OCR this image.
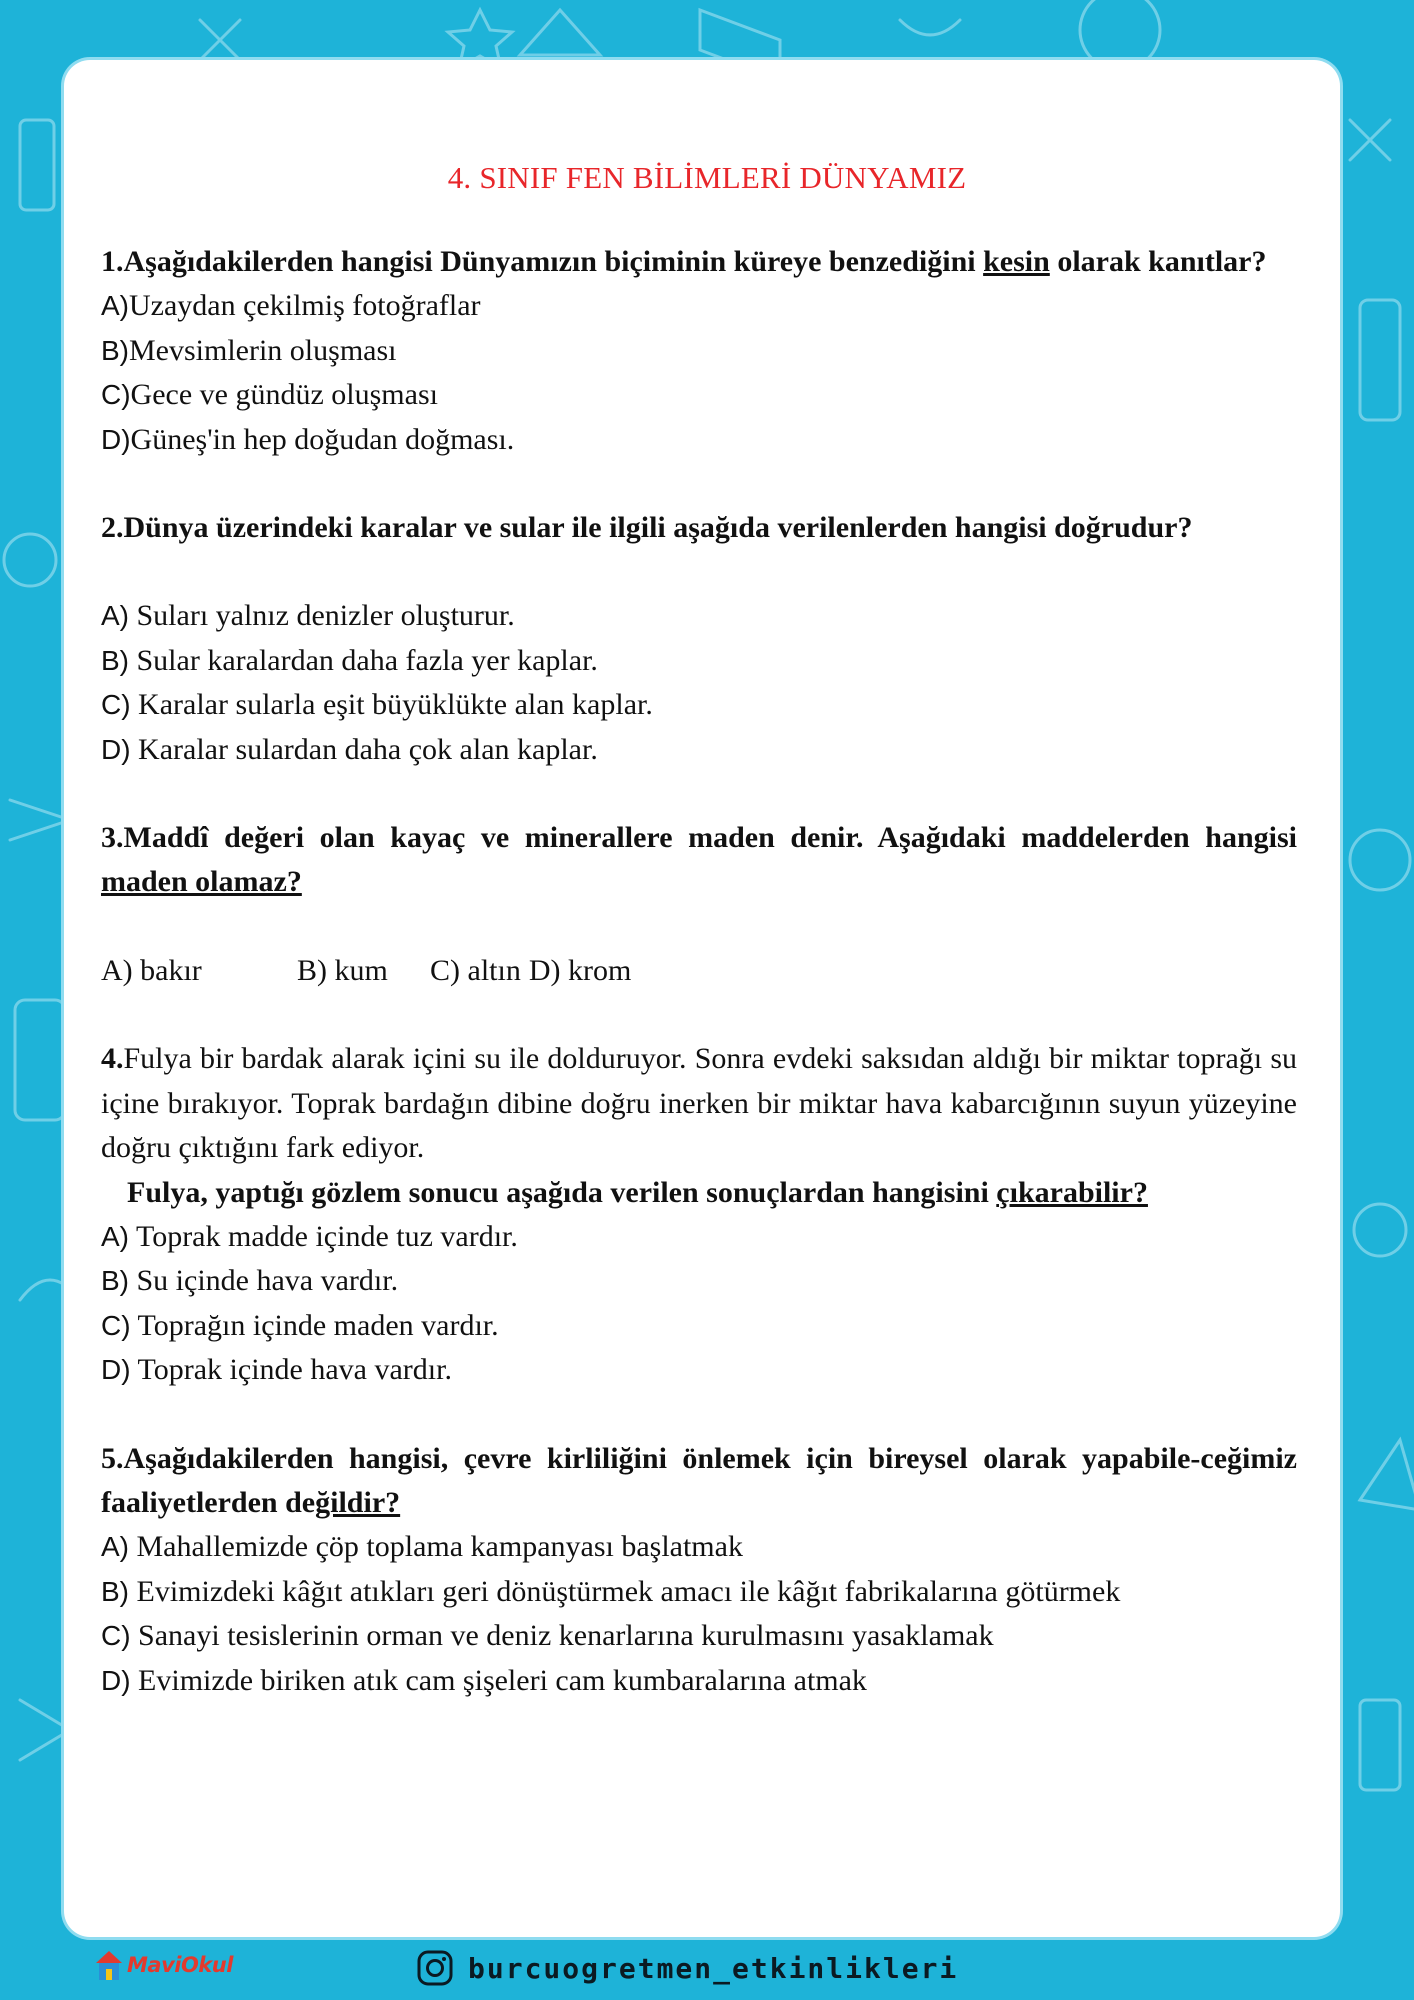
4. SINIF FEN BİLİMLERİ DÜNYAMIZ
1.Aşağıdakilerden hangisi Dünyamızın biçiminin küreye benzediğini kesin olarak kanıtlar?
A)Uzaydan çekilmiş fotoğraflar
B)Mevsimlerin oluşması
C)Gece ve gündüz oluşması
D)Güneş'in hep doğudan doğması.
2.Dünya üzerindeki karalar ve sular ile ilgili aşağıda verilenlerden hangisi doğrudur?
A) Suları yalnız denizler oluşturur.
B) Sular karalardan daha fazla yer kaplar.
C) Karalar sularla eşit büyüklükte alan kaplar.
D) Karalar sulardan daha çok alan kaplar.
3.Maddî değeri olan kayaç ve minerallere maden denir. Aşağıdaki maddelerden hangisi maden olamaz?
A) bakır	B) kum C) altın D) krom
4.Fulya bir bardak alarak içini su ile dolduruyor. Sonra evdeki saksıdan aldığı bir miktar toprağı su içine bırakıyor. Toprak bardağın dibine doğru inerken bir miktar hava kabarcığının suyun yüzeyine doğru çıktığını fark ediyor.
Fulya, yaptığı gözlem sonucu aşağıda verilen sonuçlardan hangisini çıkarabilir?
A) Toprak madde içinde tuz vardır.
B) Su içinde hava vardır.
C) Toprağın içinde maden vardır.
D) Toprak içinde hava vardır.
5.Aşağıdakilerden hangisi, çevre kirliliğini önlemek için bireysel olarak yapabile-ceğimiz faaliyetlerden değildir?
A) Mahallemizde çöp toplama kampanyası başlatmak
B) Evimizdeki kâğıt atıkları geri dönüştürmek amacı ile kâğıt fabrikalarına götürmek
C) Sanayi tesislerinin orman ve deniz kenarlarına kurulmasını yasaklamak
D) Evimizde biriken atık cam şişeleri cam kumbaralarına atmak
MaviOkul	burcuogretmen_etkinlikleri
